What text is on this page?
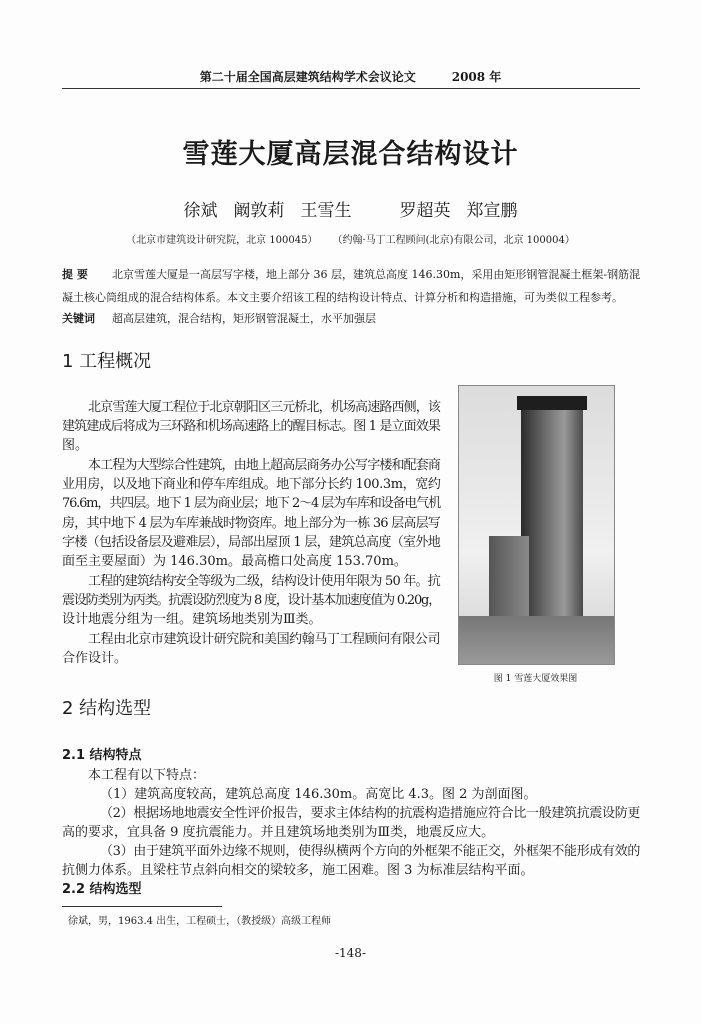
第二十届全国高层建筑结构学术会议论文	2008 年
雪莲大厦高层混合结构设计
徐斌 阚敦莉 王雪生	罗超英 郑宣鹏
（北京市建筑设计研究院，北京 100045） （约翰·马丁工程顾问(北京)有限公司，北京 100004）
提 要 北京雪莲大厦是一高层写字楼，地上部分 36 层，建筑总高度 146.30m，采用由矩形钢管混凝土框架-钢筋混
凝土核心筒组成的混合结构体系。本文主要介绍该工程的结构设计特点、计算分析和构造措施，可为类似工程参考。
关键词 超高层建筑，混合结构，矩形钢管混凝土，水平加强层
1 工程概况
北京雪莲大厦工程位于北京朝阳区三元桥北，机场高速路西侧，该
建筑建成后将成为三环路和机场高速路上的醒目标志。图 1 是立面效果
图。
本工程为大型综合性建筑，由地上超高层商务办公写字楼和配套商
业用房，以及地下商业和停车库组成。地下部分长约 100.3m，宽约
76.6m，共四层。地下 1 层为商业层；地下 2～4 层为车库和设备电气机
房，其中地下 4 层为车库兼战时物资库。地上部分为一栋 36 层高层写
字楼（包括设备层及避难层），局部出屋顶 1 层，建筑总高度（室外地
面至主要屋面）为 146.30m。最高檐口处高度 153.70m。
工程的建筑结构安全等级为二级，结构设计使用年限为 50 年。抗
震设防类别为丙类。抗震设防烈度为 8 度，设计基本加速度值为 0.20g，
设计地震分组为一组。建筑场地类别为Ⅲ类。
工程由北京市建筑设计研究院和美国约翰马丁工程顾问有限公司
合作设计。
图 1 雪莲大厦效果图
2 结构选型
2.1 结构特点
本工程有以下特点：
（1）建筑高度较高，建筑总高度 146.30m。高宽比 4.3。图 2 为剖面图。
（2）根据场地地震安全性评价报告，要求主体结构的抗震构造措施应符合比一般建筑抗震设防更
高的要求，宜具备 9 度抗震能力。并且建筑场地类别为Ⅲ类，地震反应大。
（3）由于建筑平面外边缘不规则，使得纵横两个方向的外框架不能正交，外框架不能形成有效的
抗侧力体系。且梁柱节点斜向相交的梁较多，施工困难。图 3 为标准层结构平面。
2.2 结构选型
徐斌，男，1963.4 出生，工程硕士，（教授级）高级工程师
-148-
